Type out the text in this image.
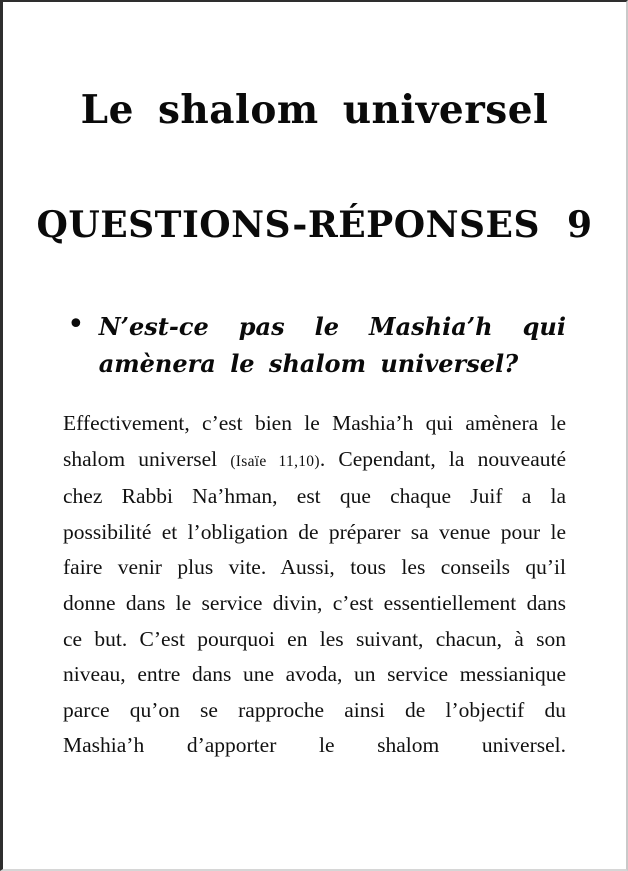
Le shalom universel
QUESTIONS-RÉPONSES 9
• N’est-ce pas le Mashia’h qui amènera le shalom universel?

Effectivement, c’est bien le Mashia’h qui amènera le shalom universel (Isaïe 11,10). Cependant, la nouveauté chez Rabbi Na’hman, est que chaque Juif a la possibilité et l’obligation de préparer sa venue pour le faire venir plus vite. Aussi, tous les conseils qu’il donne dans le service divin, c’est essentiellement dans ce but. C’est pourquoi en les suivant, chacun, à son niveau, entre dans une avoda, un service messianique parce qu’on se rapproche ainsi de l’objectif du Mashia’h d’apporter le shalom universel.
